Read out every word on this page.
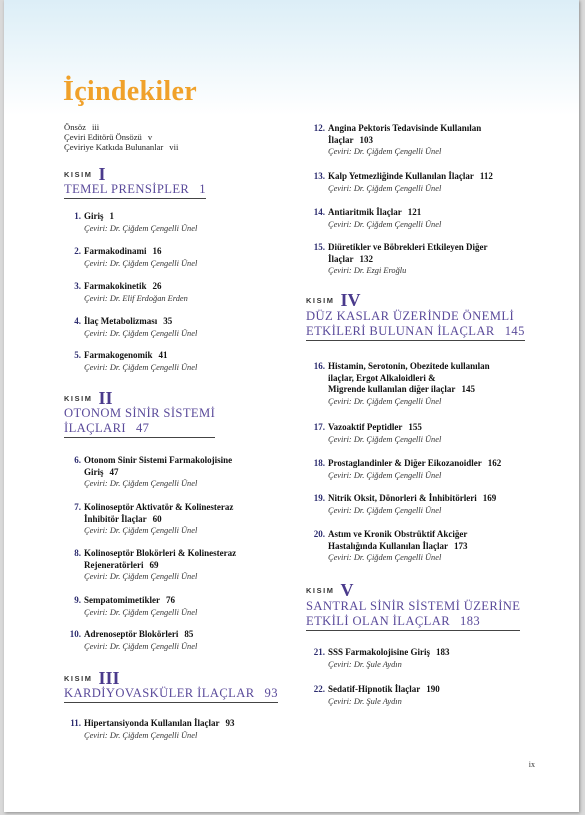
İçindekiler
Önsöz iii
Çeviri Editörü Önsözü v
Çeviriye Katkıda Bulunanlar vii
KISIM I
TEMEL PRENSİPLER 1
KISIM II
OTONOM SİNİR SİSTEMİ
İLAÇLARI 47
KISIM III
KARDİYOVASKÜLER İLAÇLAR 93
KISIM IV
DÜZ KASLAR ÜZERİNDE ÖNEMLİ
ETKİLERİ BULUNAN İLAÇLAR 145
KISIM V
SANTRAL SİNİR SİSTEMİ ÜZERİNE
ETKİLİ OLAN İLAÇLAR 183
1. Giriş 1
Çeviri: Dr. Çiğdem Çengelli Ünel
2. Farmakodinami 16
Çeviri: Dr. Çiğdem Çengelli Ünel
3. Farmakokinetik 26
Çeviri: Dr. Elif Erdoğan Erden
4. İlaç Metabolizması 35
Çeviri: Dr. Çiğdem Çengelli Ünel
5. Farmakogenomik 41
Çeviri: Dr. Çiğdem Çengelli Ünel
6. Otonom Sinir Sistemi Farmakolojisine
Giriş 47
Çeviri: Dr. Çiğdem Çengelli Ünel
7. Kolinoseptör Aktivatör & Kolinesteraz
İnhibitör İlaçlar 60
Çeviri: Dr. Çiğdem Çengelli Ünel
8. Kolinoseptör Blokörleri & Kolinesteraz
Rejeneratörleri 69
Çeviri: Dr. Çiğdem Çengelli Ünel
9. Sempatomimetikler 76
Çeviri: Dr. Çiğdem Çengelli Ünel
10. Adrenoseptör Blokörleri 85
Çeviri: Dr. Çiğdem Çengelli Ünel
11. Hipertansiyonda Kullanılan İlaçlar 93
Çeviri: Dr. Çiğdem Çengelli Ünel
12. Angina Pektoris Tedavisinde Kullanılan
İlaçlar 103
Çeviri: Dr. Çiğdem Çengelli Ünel
13. Kalp Yetmezliğinde Kullanılan İlaçlar 112
Çeviri: Dr. Çiğdem Çengelli Ünel
14. Antiaritmik İlaçlar 121
Çeviri: Dr. Çiğdem Çengelli Ünel
15. Diüretikler ve Böbrekleri Etkileyen Diğer
İlaçlar 132
Çeviri: Dr. Ezgi Eroğlu
16. Histamin, Serotonin, Obezitede kullanılan
ilaçlar, Ergot Alkaloidleri &
Migrende kullanılan diğer ilaçlar 145
Çeviri: Dr. Çiğdem Çengelli Ünel
17. Vazoaktif Peptidler 155
Çeviri: Dr. Çiğdem Çengelli Ünel
18. Prostaglandinler & Diğer Eikozanoidler 162
Çeviri: Dr. Çiğdem Çengelli Ünel
19. Nitrik Oksit, Dönorleri & İnhibitörleri 169
Çeviri: Dr. Çiğdem Çengelli Ünel
20. Astım ve Kronik Obstrüktif Akciğer
Hastalığında Kullanılan İlaçlar 173
Çeviri: Dr. Çiğdem Çengelli Ünel
21. SSS Farmakolojisine Giriş 183
Çeviri: Dr. Şule Aydın
22. Sedatif-Hipnotik İlaçlar 190
Çeviri: Dr. Şule Aydın
ix
